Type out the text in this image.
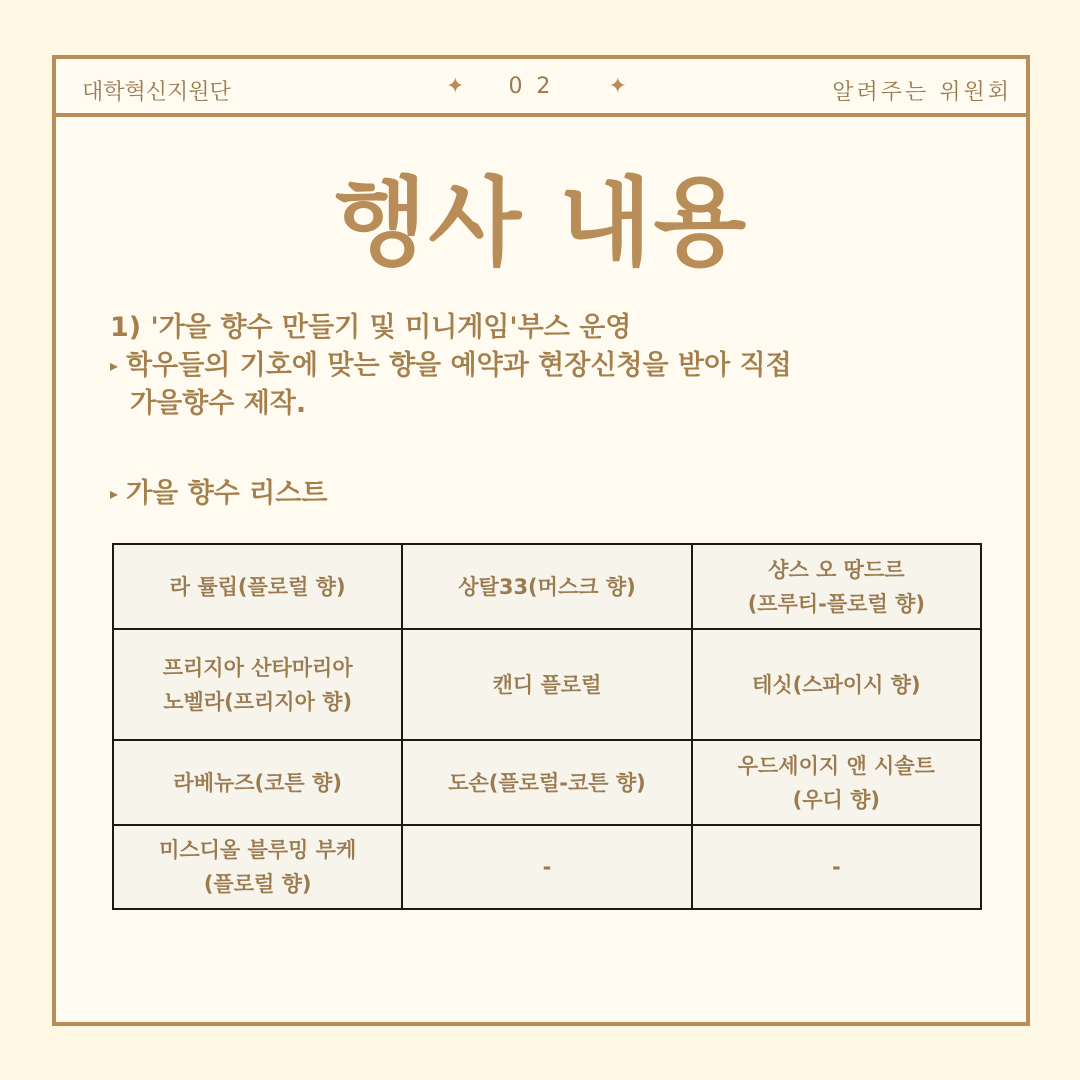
대학혁신지원단	✦ 02 ✦	알려주는 위원회
행사 내용
1) '가을 향수 만들기 및 미니게임'부스 운영
▸ 학우들의 기호에 맞는 향을 예약과 현장신청을 받아 직접
가을향수 제작.
▸ 가을 향수 리스트
라 튤립(플로럴 향)	상탈33(머스크 향)	샹스 오 땅드르
(프루티-플로럴 향)

프리지아 산타마리아
노벨라(프리지아 향)	캔디 플로럴	테싯(스파이시 향)

라베뉴즈(코튼 향)	도손(플로럴-코튼 향)	우드세이지 앤 시솔트
(우디 향)

미스디올 블루밍 부케
(플로럴 향)	-	-
